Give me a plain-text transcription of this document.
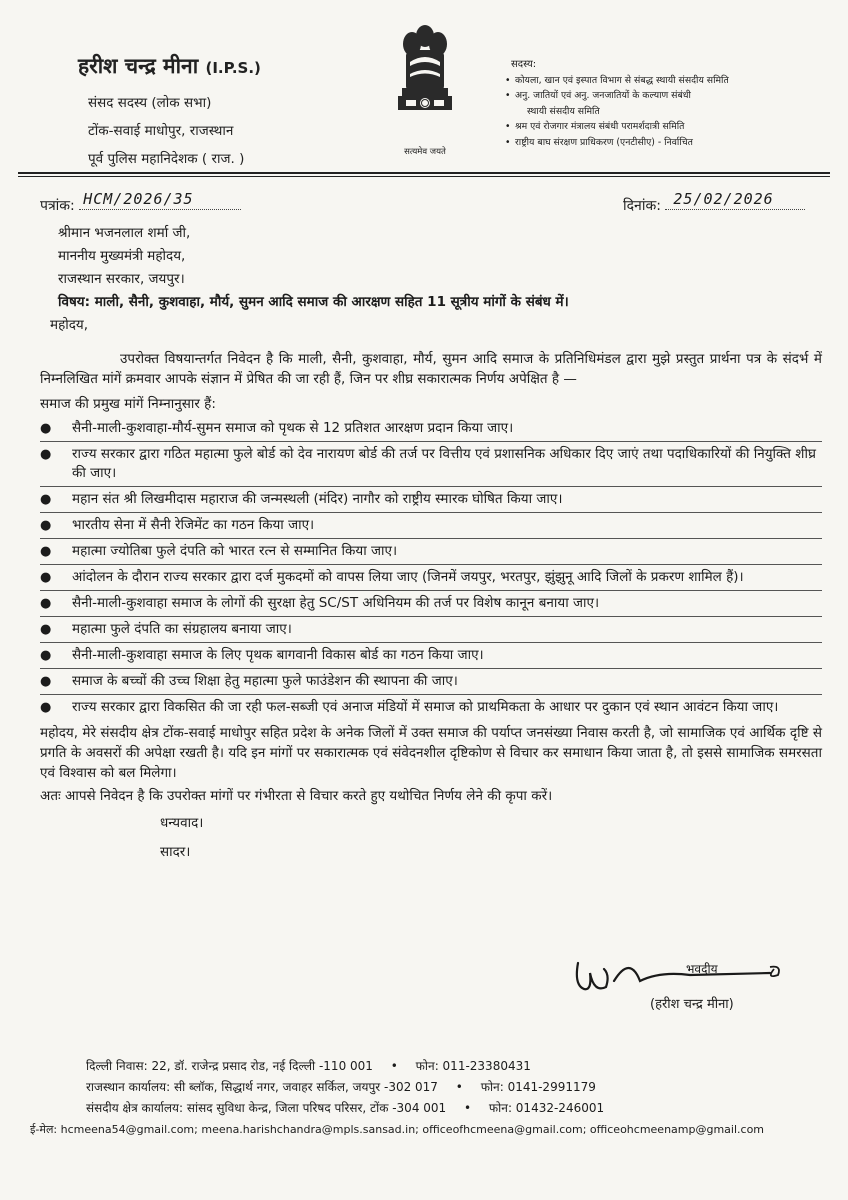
हरीश चन्द्र मीना (I.P.S.)
संसद सदस्य (लोक सभा)
टोंक-सवाई माधोपुर, राजस्थान
पूर्व पुलिस महानिदेशक ( राज. )	सत्यमेव जयते
सदस्य:
• कोयला, खान एवं इस्पात विभाग से संबद्ध स्थायी संसदीय समिति
• अनु. जातियों एवं अनु. जनजातियों के कल्याण संबंधी
स्थायी संसदीय समिति
• श्रम एवं रोजगार मंत्रालय संबंधी परामर्शदात्री समिति
• राष्ट्रीय बाघ संरक्षण प्राधिकरण (एनटीसीए) - निर्वाचित
पत्रांक: HCM/2026/35	दिनांक: 25/02/2026
श्रीमान भजनलाल शर्मा जी,
माननीय मुख्यमंत्री महोदय,
राजस्थान सरकार, जयपुर।
विषय: माली, सैनी, कुशवाहा, मौर्य, सुमन आदि समाज की आरक्षण सहित 11 सूत्रीय मांगों के संबंध में।
महोदय,
उपरोक्त विषयान्तर्गत निवेदन है कि माली, सैनी, कुशवाहा, मौर्य, सुमन आदि समाज के प्रतिनिधिमंडल द्वारा मुझे प्रस्तुत प्रार्थना पत्र के संदर्भ में निम्नलिखित मांगें क्रमवार आपके संज्ञान में प्रेषित की जा रही हैं, जिन पर शीघ्र सकारात्मक निर्णय अपेक्षित है —
समाज की प्रमुख मांगें निम्नानुसार हैं:
● सैनी-माली-कुशवाहा-मौर्य-सुमन समाज को पृथक से 12 प्रतिशत आरक्षण प्रदान किया जाए।
● राज्य सरकार द्वारा गठित महात्मा फुले बोर्ड को देव नारायण बोर्ड की तर्ज पर वित्तीय एवं प्रशासनिक अधिकार दिए जाएं तथा पदाधिकारियों की नियुक्ति शीघ्र की जाए।
● महान संत श्री लिखमीदास महाराज की जन्मस्थली (मंदिर) नागौर को राष्ट्रीय स्मारक घोषित किया जाए।
● भारतीय सेना में सैनी रेजिमेंट का गठन किया जाए।
● महात्मा ज्योतिबा फुले दंपति को भारत रत्न से सम्मानित किया जाए।
● आंदोलन के दौरान राज्य सरकार द्वारा दर्ज मुकदमों को वापस लिया जाए (जिनमें जयपुर, भरतपुर, झुंझुनू आदि जिलों के प्रकरण शामिल हैं)।
● सैनी-माली-कुशवाहा समाज के लोगों की सुरक्षा हेतु SC/ST अधिनियम की तर्ज पर विशेष कानून बनाया जाए।
● महात्मा फुले दंपति का संग्रहालय बनाया जाए।
● सैनी-माली-कुशवाहा समाज के लिए पृथक बागवानी विकास बोर्ड का गठन किया जाए।
● समाज के बच्चों की उच्च शिक्षा हेतु महात्मा फुले फाउंडेशन की स्थापना की जाए।
● राज्य सरकार द्वारा विकसित की जा रही फल-सब्जी एवं अनाज मंडियों में समाज को प्राथमिकता के आधार पर दुकान एवं स्थान आवंटन किया जाए।
महोदय, मेरे संसदीय क्षेत्र टोंक-सवाई माधोपुर सहित प्रदेश के अनेक जिलों में उक्त समाज की पर्याप्त जनसंख्या निवास करती है, जो सामाजिक एवं आर्थिक दृष्टि से प्रगति के अवसरों की अपेक्षा रखती है। यदि इन मांगों पर सकारात्मक एवं संवेदनशील दृष्टिकोण से विचार कर समाधान किया जाता है, तो इससे सामाजिक समरसता एवं विश्वास को बल मिलेगा।
अतः आपसे निवेदन है कि उपरोक्त मांगों पर गंभीरता से विचार करते हुए यथोचित निर्णय लेने की कृपा करें।
धन्यवाद।
सादर।
भवदीय
(हरीश चन्द्र मीना)
दिल्ली निवास: 22, डॉ. राजेन्द्र प्रसाद रोड, नई दिल्ली -110 001 • फोन: 011-23380431
राजस्थान कार्यालय: सी ब्लॉक, सिद्धार्थ नगर, जवाहर सर्किल, जयपुर -302 017 • फोन: 0141-2991179
संसदीय क्षेत्र कार्यालय: सांसद सुविधा केन्द्र, जिला परिषद परिसर, टोंक -304 001 • फोन: 01432-246001
ई-मेल: hcmeena54@gmail.com; meena.harishchandra@mpls.sansad.in; officeofhcmeena@gmail.com; officeohcmeenamp@gmail.com
